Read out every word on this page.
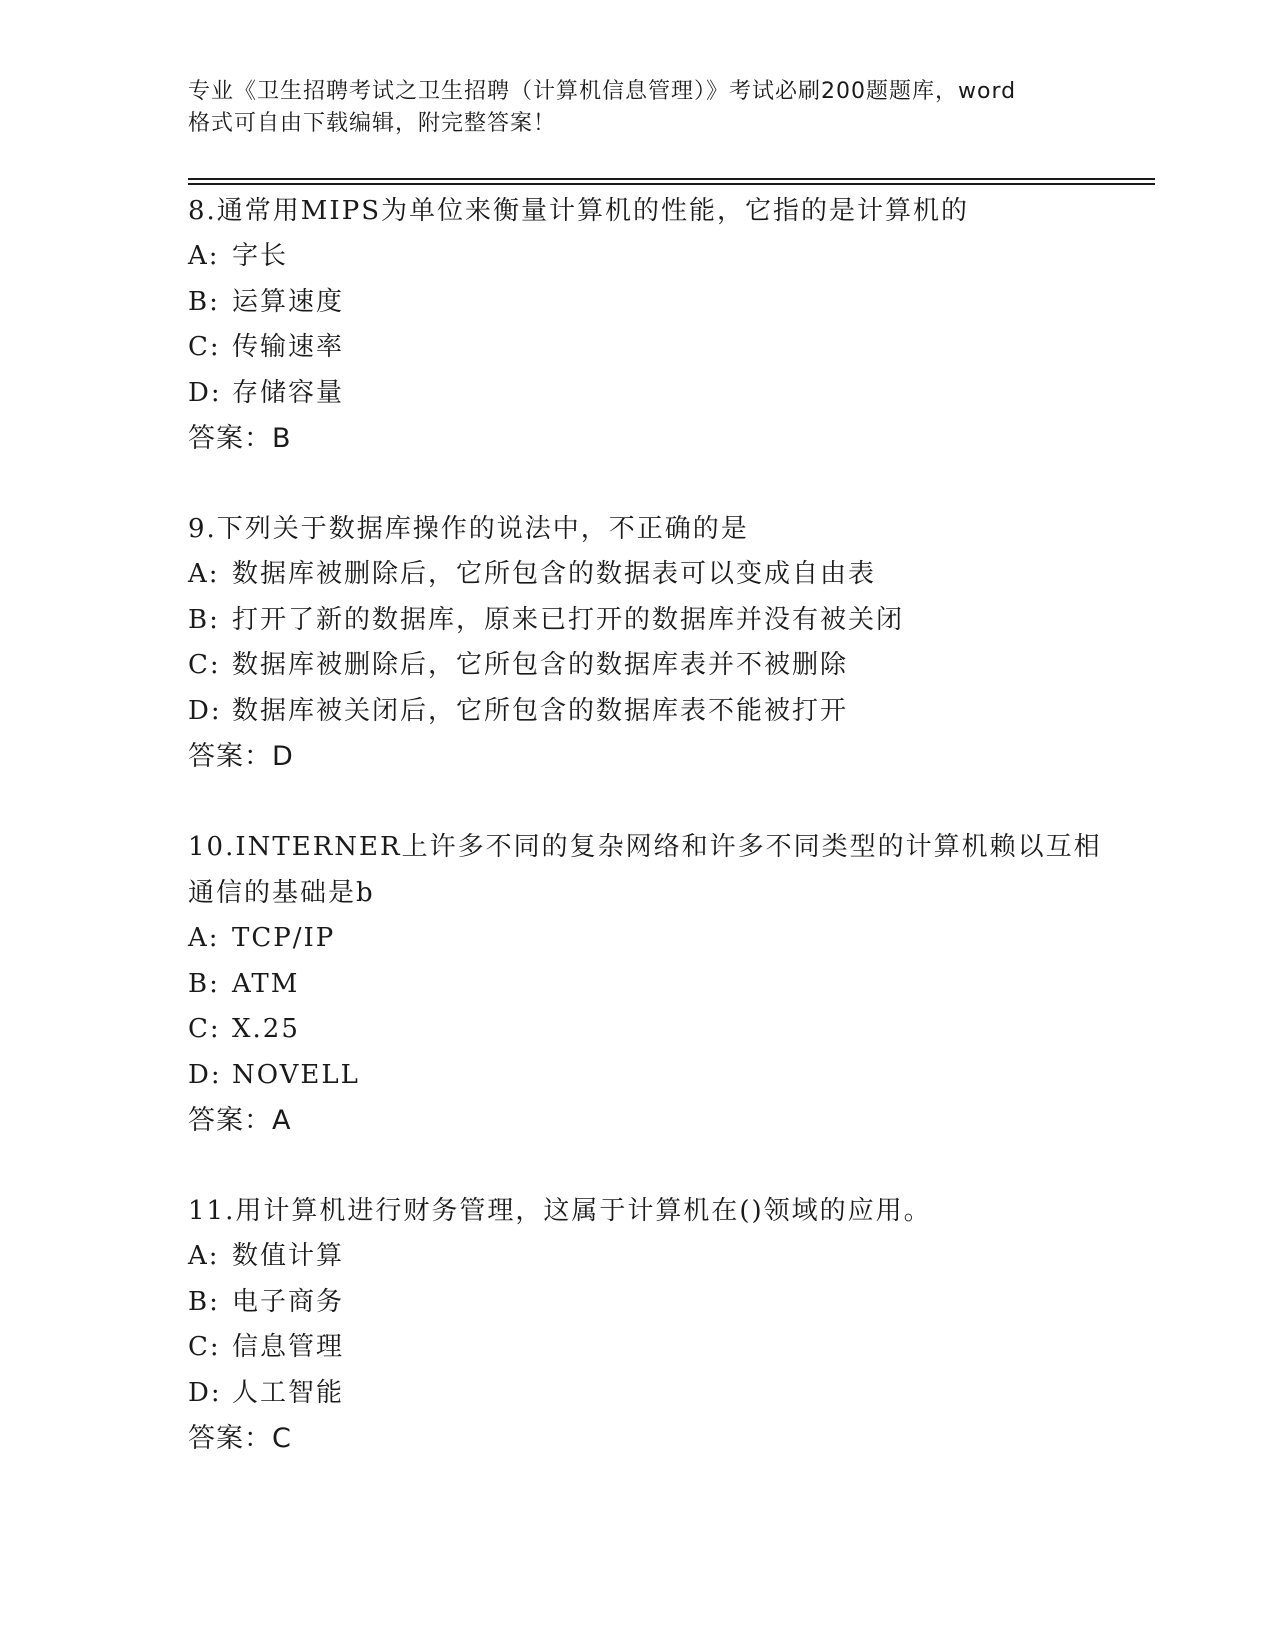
专业《卫生招聘考试之卫生招聘（计算机信息管理）》考试必刷200题题库，word
格式可自由下载编辑，附完整答案！
8.通常用MIPS为单位来衡量计算机的性能，它指的是计算机的
A: 字长
B: 运算速度
C: 传输速率
D: 存储容量
答案：B
9.下列关于数据库操作的说法中，不正确的是
A: 数据库被删除后，它所包含的数据表可以变成自由表
B: 打开了新的数据库，原来已打开的数据库并没有被关闭
C: 数据库被删除后，它所包含的数据库表并不被删除
D: 数据库被关闭后，它所包含的数据库表不能被打开
答案：D
10.INTERNER上许多不同的复杂网络和许多不同类型的计算机赖以互相
通信的基础是b
A: TCP/IP
B: ATM
C: X.25
D: NOVELL
答案：A
11.用计算机进行财务管理，这属于计算机在()领域的应用。
A: 数值计算
B: 电子商务
C: 信息管理
D: 人工智能
答案：C
